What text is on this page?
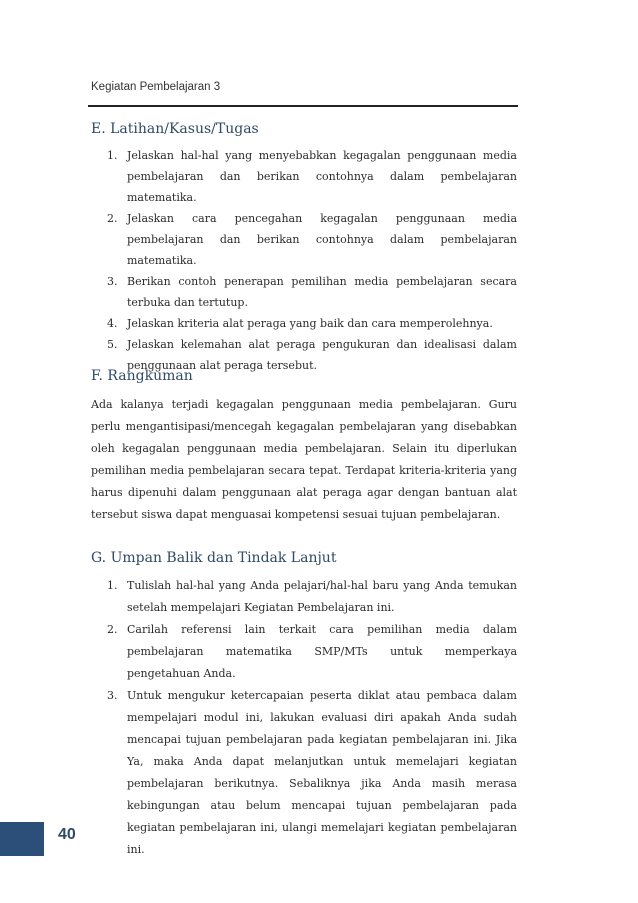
Kegiatan Pembelajaran 3
E. Latihan/Kasus/Tugas
1. Jelaskan hal-hal yang menyebabkan kegagalan penggunaan media pembelajaran dan berikan contohnya dalam pembelajaran matematika.
2. Jelaskan cara pencegahan kegagalan penggunaan media pembelajaran dan berikan contohnya dalam pembelajaran matematika.
3. Berikan contoh penerapan pemilihan media pembelajaran secara terbuka dan tertutup.
4. Jelaskan kriteria alat peraga yang baik dan cara memperolehnya.
5. Jelaskan kelemahan alat peraga pengukuran dan idealisasi dalam penggunaan alat peraga tersebut.
F. Rangkuman

Ada kalanya terjadi kegagalan penggunaan media pembelajaran. Guru perlu mengantisipasi/mencegah kegagalan pembelajaran yang disebabkan oleh kegagalan penggunaan media pembelajaran. Selain itu diperlukan pemilihan media pembelajaran secara tepat. Terdapat kriteria-kriteria yang harus dipenuhi dalam penggunaan alat peraga agar dengan bantuan alat tersebut siswa dapat menguasai kompetensi sesuai tujuan pembelajaran.

G. Umpan Balik dan Tindak Lanjut
1. Tulislah hal-hal yang Anda pelajari/hal-hal baru yang Anda temukan setelah mempelajari Kegiatan Pembelajaran ini.
2. Carilah referensi lain terkait cara pemilihan media dalam pembelajaran matematika SMP/MTs untuk memperkaya pengetahuan Anda.
3. Untuk mengukur ketercapaian peserta diklat atau pembaca dalam mempelajari modul ini, lakukan evaluasi diri apakah Anda sudah mencapai tujuan pembelajaran pada kegiatan pembelajaran ini. Jika Ya, maka Anda dapat melanjutkan untuk memelajari kegiatan pembelajaran berikutnya. Sebaliknya jika Anda masih merasa kebingungan atau belum mencapai tujuan pembelajaran pada kegiatan pembelajaran ini, ulangi memelajari kegiatan pembelajaran ini.
40
